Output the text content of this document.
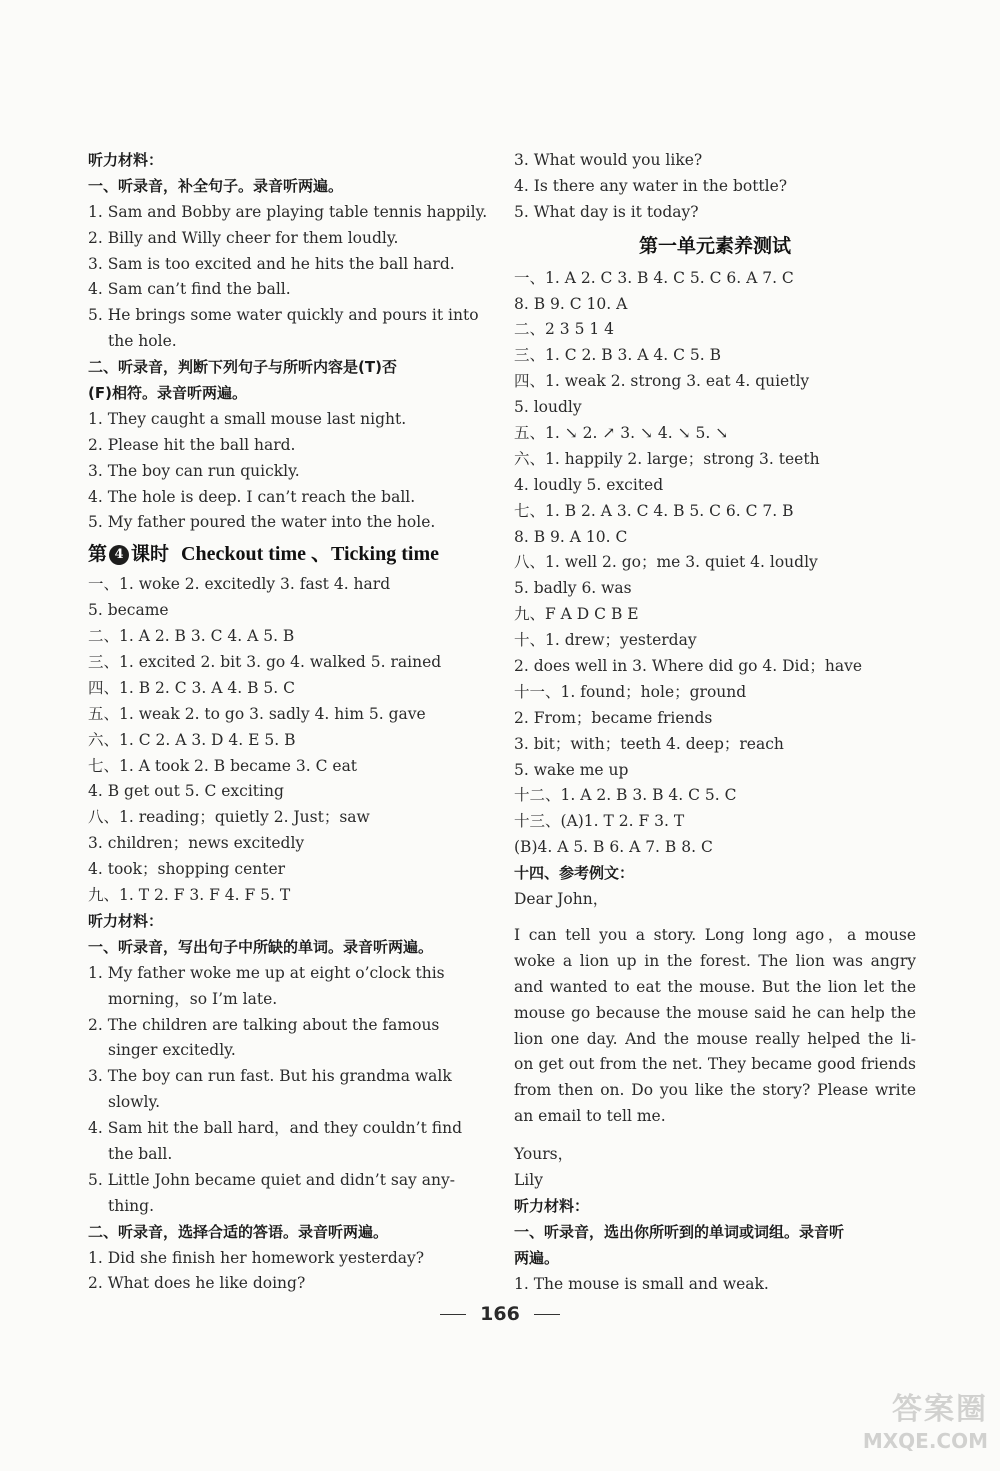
听力材料：
一、听录音，补全句子。录音听两遍。
1. Sam and Bobby are playing table tennis happily.
2. Billy and Willy cheer for them loudly.
3. Sam is too excited and he hits the ball hard.
4. Sam can’t find the ball.
5. He brings some water quickly and pours it into
the hole.
二、听录音，判断下列句子与所听内容是(T)否
(F)相符。录音听两遍。
1. They caught a small mouse last night.
2. Please hit the ball hard.
3. The boy can run quickly.
4. The hole is deep. I can’t reach the ball.
5. My father poured the water into the hole.
第 4 课时 Checkout time 、Ticking time
一、1. woke 2. excitedly 3. fast 4. hard
5. became
二、1. A 2. B 3. C 4. A 5. B
三、1. excited 2. bit 3. go 4. walked 5. rained
四、1. B 2. C 3. A 4. B 5. C
五、1. weak 2. to go 3. sadly 4. him 5. gave
六、1. C 2. A 3. D 4. E 5. B
七、1. A took 2. B became 3. C eat
4. B get out 5. C exciting
八、1. reading；quietly 2. Just；saw
3. children；news excitedly
4. took；shopping center
九、1. T 2. F 3. F 4. F 5. T
听力材料：
一、听录音，写出句子中所缺的单词。录音听两遍。
1. My father woke me up at eight o’clock this
morning，so I’m late.
2. The children are talking about the famous
singer excitedly.
3. The boy can run fast. But his grandma walk
slowly.
4. Sam hit the ball hard，and they couldn’t find
the ball.
5. Little John became quiet and didn’t say any-
thing.
二、听录音，选择合适的答语。录音听两遍。
1. Did she finish her homework yesterday?
2. What does he like doing?
3. What would you like?
4. Is there any water in the bottle?
5. What day is it today?
第一单元素养测试
一、1. A 2. C 3. B 4. C 5. C 6. A 7. C
8. B 9. C 10. A
二、2 3 5 1 4
三、1. C 2. B 3. A 4. C 5. B
四、1. weak 2. strong 3. eat 4. quietly
5. loudly
五、1. ↘ 2. ↗ 3. ↘ 4. ↘ 5. ↘
六、1. happily 2. large；strong 3. teeth
4. loudly 5. excited
七、1. B 2. A 3. C 4. B 5. C 6. C 7. B
8. B 9. A 10. C
八、1. well 2. go；me 3. quiet 4. loudly
5. badly 6. was
九、F A D C B E
十、1. drew；yesterday
2. does well in 3. Where did go 4. Did；have
十一、1. found；hole；ground
2. From；became friends
3. bit；with；teeth 4. deep；reach
5. wake me up
十二、1. A 2. B 3. B 4. C 5. C
十三、(A)1. T 2. F 3. T
(B)4. A 5. B 6. A 7. B 8. C
十四、参考例文：
Dear John，
I can tell you a story. Long long ago，a mouse woke a lion up in the forest. The lion was angry and wanted to eat the mouse. But the lion let the mouse go because the mouse said he can help the lion one day. And the mouse really helped the li- on get out from the net. They became good friends from then on. Do you like the story? Please write an email to tell me.
Yours，
Lily
听力材料：
一、听录音，选出你所听到的单词或词组。录音听
两遍。
1. The mouse is small and weak.
166
答案圈
MXQE.COM
